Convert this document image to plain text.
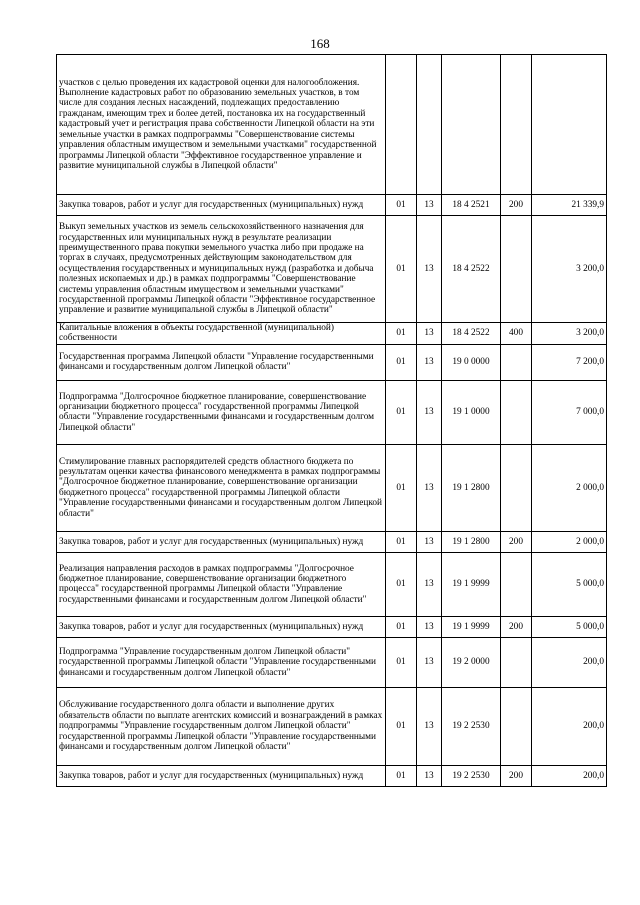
168
участков с целью проведения их кадастровой оценки для налогообложения. Выполнение кадастровых работ по образованию земельных участков, в том числе для создания лесных насаждений, подлежащих предоставлению гражданам, имеющим трех и более детей, постановка их на государственный кадастровый учет и регистрация права собственности Липецкой области на эти земельные участки в рамках подпрограммы "Совершенствование системы управления областным имуществом и земельными участками" государственной программы Липецкой области "Эффективное государственное управление и развитие муниципальной службы в Липецкой области"					
Закупка товаров, работ и услуг для государственных (муниципальных) нужд	01	13	18 4 2521	200	21 339,9
Выкуп земельных участков из земель сельскохозяйственного назначения для государственных или муниципальных нужд в результате реализации преимущественного права покупки земельного участка либо при продаже на торгах в случаях, предусмотренных действующим законодательством для осуществления государственных и муниципальных нужд (разработка и добыча полезных ископаемых и др.) в рамках подпрограммы "Совершенствование системы управления областным имуществом и земельными участками" государственной программы Липецкой области "Эффективное государственное управление и развитие муниципальной службы в Липецкой области"	01	13	18 4 2522		3 200,0
Капитальные вложения в объекты государственной (муниципальной) собственности	01	13	18 4 2522	400	3 200,0
Государственная программа Липецкой области "Управление государственными финансами и государственным долгом Липецкой области"	01	13	19 0 0000		7 200,0
Подпрограмма "Долгосрочное бюджетное планирование, совершенствование организации бюджетного процесса" государственной программы Липецкой области "Управление государственными финансами и государственным долгом Липецкой области"	01	13	19 1 0000		7 000,0
Стимулирование главных распорядителей средств областного бюджета по результатам оценки качества финансового менеджмента в рамках подпрограммы "Долгосрочное бюджетное планирование, совершенствование организации бюджетного процесса" государственной программы Липецкой области "Управление государственными финансами и государственным долгом Липецкой области"	01	13	19 1 2800		2 000,0
Закупка товаров, работ и услуг для государственных (муниципальных) нужд	01	13	19 1 2800	200	2 000,0
Реализация направления расходов в рамках подпрограммы "Долгосрочное бюджетное планирование, совершенствование организации бюджетного процесса" государственной программы Липецкой области "Управление государственными финансами и государственным долгом Липецкой области"	01	13	19 1 9999		5 000,0
Закупка товаров, работ и услуг для государственных (муниципальных) нужд	01	13	19 1 9999	200	5 000,0
Подпрограмма "Управление государственным долгом Липецкой области" государственной программы Липецкой области "Управление государственными финансами и государственным долгом Липецкой области"	01	13	19 2 0000		200,0
Обслуживание государственного долга области и выполнение других обязательств области по выплате агентских комиссий и вознаграждений в рамках подпрограммы "Управление государственным долгом Липецкой области" государственной программы Липецкой области "Управление государственными финансами и государственным долгом Липецкой области"	01	13	19 2 2530		200,0
Закупка товаров, работ и услуг для государственных (муниципальных) нужд	01	13	19 2 2530	200	200,0
